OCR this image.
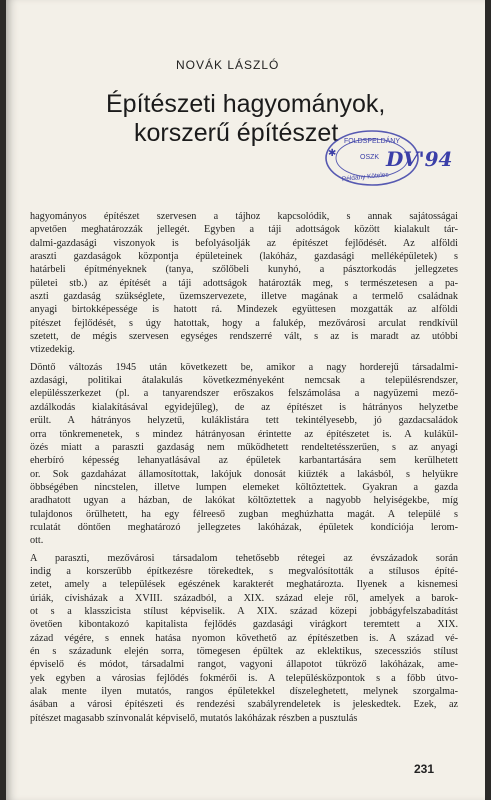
NOVÁK LÁSZLÓ
Építészeti hagyományok,
korszerű építészet FOLDSPELDÁNY
OSZK
Példány Köteles
DV'94
✱

hagyományos építészet szervesen a tájhoz kapcsolódik, s annak sajátosságai
apvetően meghatározzák jellegét. Egyben a táji adottságok között kialakult tár-
dalmi-gazdasági viszonyok is befolyásolják az építészet fejlődését. Az alföldi
araszti gazdaságok központja épületeinek (lakóház, gazdasági melléképületek) s
határbeli építményeknek (tanya, szőlőbeli kunyhó, a pásztorkodás jellegzetes
pületei stb.) az építését a táji adottságok határozták meg, s természetesen a pa-
aszti gazdaság szükséglete, üzemszervezete, illetve magának a termelő családnak
anyagi birtokképessége is hatott rá. Mindezek együttesen mozgatták az alföldi
pítészet fejlődését, s úgy hatottak, hogy a falukép, mezővárosi arculat rendkívül
szetett, de mégis szervesen egységes rendszerré vált, s az is maradt az utóbbi
vtizedekig.

Döntő változás 1945 után következett be, amikor a nagy horderejű társadalmi-
azdasági, politikai átalakulás következményeként nemcsak a településrendszer,
elepülésszerkezet (pl. a tanyarendszer erőszakos felszámolása a nagyüzemi mező-
azdálkodás kialakításával egyidejűleg), de az építészet is hátrányos helyzetbe
erült. A hátrányos helyzetű, kuláklistára tett tekintélyesebb, jó gazdacsaládok
orra tönkremenetek, s mindez hátrányosan érintette az építészetet is. A kulákül-
özés miatt a paraszti gazdaság nem működhetett rendeltetésszerűen, s az anyagi
eherbíró képesség lehanyatlásával az épületek karbantartására sem kerülhetett
or. Sok gazdaházat államosítottak, lakójuk donosát kiűzték a lakásból, s helyükre
öbbségében nincstelen, illetve lumpen elemeket költöztettek. Gyakran a gazda
aradhatott ugyan a házban, de lakókat költöztettek a nagyobb helyiségekbe, míg
tulajdonos örülhetett, ha egy félreeső zugban meghúzhatta magát. A települé s
rculatát döntően meghatározó jellegzetes lakóházak, épületek kondíciója lerom-
ott.

A paraszti, mezővárosi társadalom tehetősebb rétegei az évszázadok során
indig a korszerűbb építkezésre törekedtek, s megvalósították a stílusos építé-
zetet, amely a települések egészének karakterét meghatározta. Ilyenek a kisnemesi
úriák, cívisházak a XVIII. századból, a XIX. század eleje ről, amelyek a barok-
ot s a klasszicista stílust képviselik. A XIX. század közepi jobbágyfelszabadítást
övetően kibontakozó kapitalista fejlődés gazdasági virágkort teremtett a XIX.
zázad végére, s ennek hatása nyomon követhető az építészetben is. A század vé-
én s századunk elején sorra, tömegesen épültek az eklektikus, szecessziós stílust
épviselő és módot, társadalmi rangot, vagyoni állapotot tükröző lakóházak, ame-
yek egyben a városias fejlődés fokmérői is. A településközpontok s a főbb útvo-
alak mente ilyen mutatós, rangos épületekkel díszeleghetett, melynek szorgalma-
ásában a városi építészeti és rendezési szabályrendeletek is jeleskedtek. Ezek, az
pítészet magasabb színvonalát képviselő, mutatós lakóházak részben a pusztulás

231
